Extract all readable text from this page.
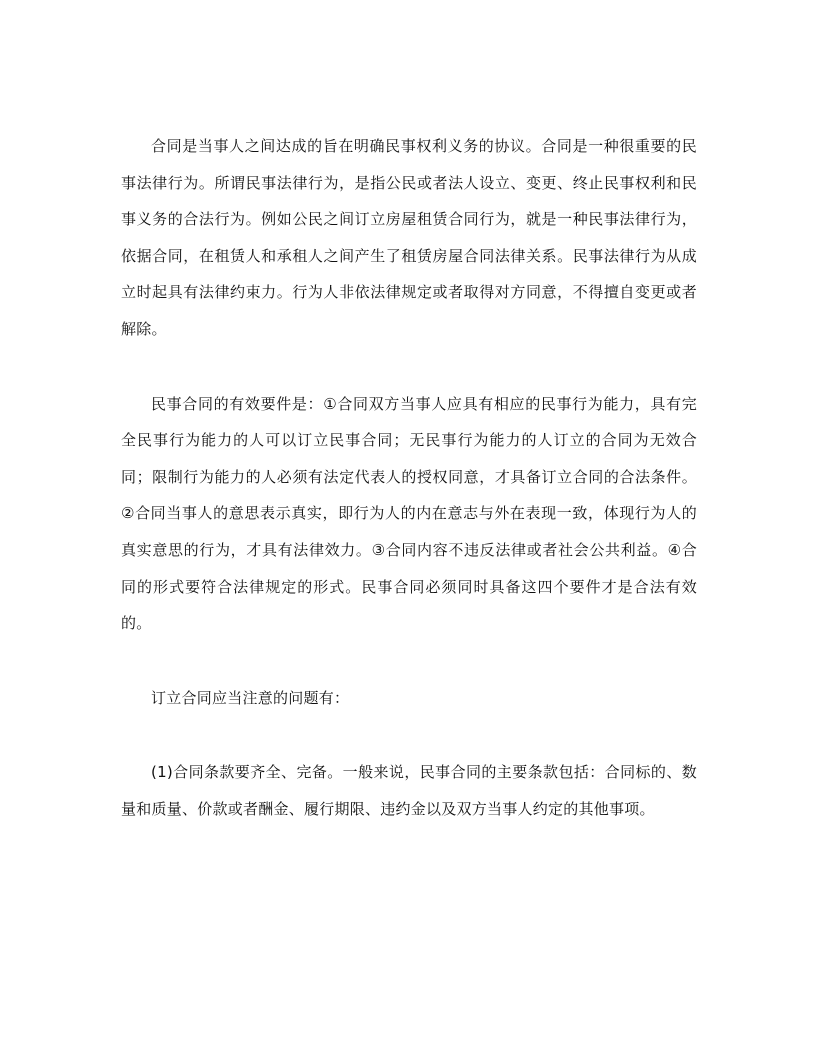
合同是当事人之间达成的旨在明确民事权利义务的协议。合同是一种很重要的民事法律行为。所谓民事法律行为，是指公民或者法人设立、变更、终止民事权利和民事义务的合法行为。例如公民之间订立房屋租赁合同行为，就是一种民事法律行为，依据合同，在租赁人和承租人之间产生了租赁房屋合同法律关系。民事法律行为从成立时起具有法律约束力。行为人非依法律规定或者取得对方同意，不得擅自变更或者解除。

民事合同的有效要件是：①合同双方当事人应具有相应的民事行为能力，具有完全民事行为能力的人可以订立民事合同；无民事行为能力的人订立的合同为无效合同；限制行为能力的人必须有法定代表人的授权同意，才具备订立合同的合法条件。②合同当事人的意思表示真实，即行为人的内在意志与外在表现一致，体现行为人的真实意思的行为，才具有法律效力。③合同内容不违反法律或者社会公共利益。④合同的形式要符合法律规定的形式。民事合同必须同时具备这四个要件才是合法有效的。

订立合同应当注意的问题有：

(1)合同条款要齐全、完备。一般来说，民事合同的主要条款包括：合同标的、数量和质量、价款或者酬金、履行期限、违约金以及双方当事人约定的其他事项。
